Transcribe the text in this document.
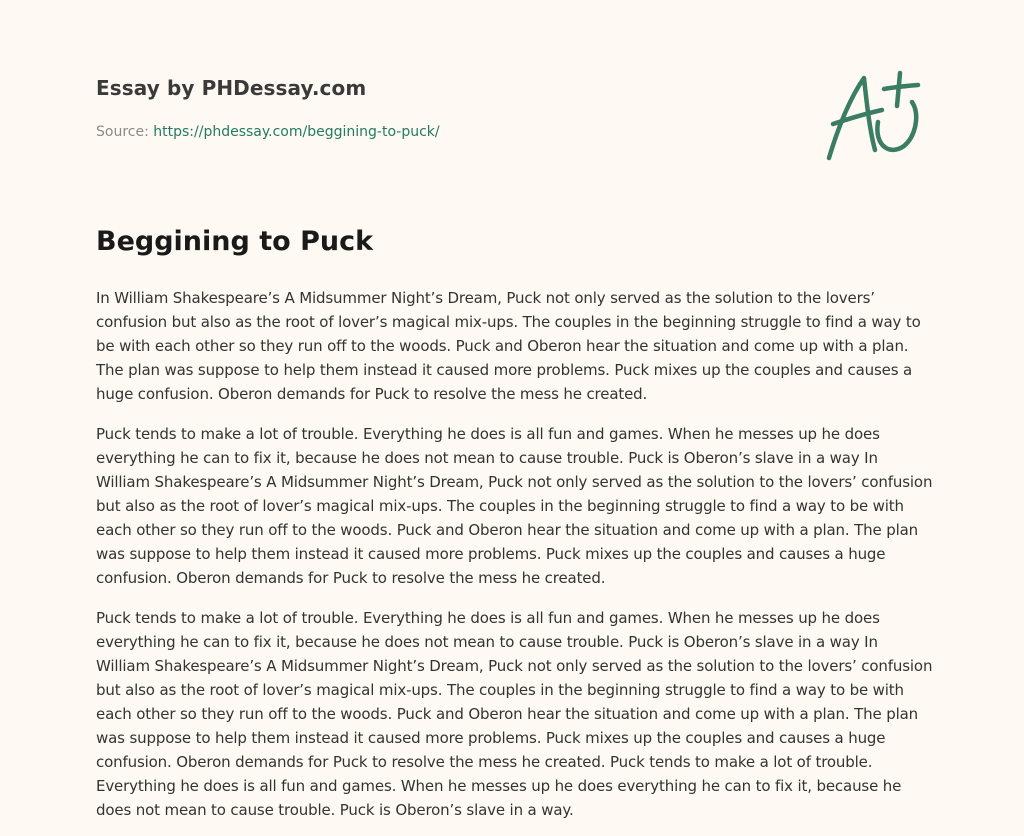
Essay by PHDessay.com
Source: https://phdessay.com/beggining-to-puck/
Beggining to Puck

In William Shakespeare’s A Midsummer Night’s Dream, Puck not only served as the solution to the lovers’ confusion but also as the root of lover’s magical mix-ups. The couples in the beginning struggle to find a way to be with each other so they run off to the woods. Puck and Oberon hear the situation and come up with a plan. The plan was suppose to help them instead it caused more problems. Puck mixes up the couples and causes a huge confusion. Oberon demands for Puck to resolve the mess he created.

Puck tends to make a lot of trouble. Everything he does is all fun and games. When he messes up he does everything he can to fix it, because he does not mean to cause trouble. Puck is Oberon’s slave in a way In William Shakespeare’s A Midsummer Night’s Dream, Puck not only served as the solution to the lovers’ confusion but also as the root of lover’s magical mix-ups. The couples in the beginning struggle to find a way to be with each other so they run off to the woods. Puck and Oberon hear the situation and come up with a plan. The plan was suppose to help them instead it caused more problems. Puck mixes up the couples and causes a huge confusion. Oberon demands for Puck to resolve the mess he created.

Puck tends to make a lot of trouble. Everything he does is all fun and games. When he messes up he does everything he can to fix it, because he does not mean to cause trouble. Puck is Oberon’s slave in a way In William Shakespeare’s A Midsummer Night’s Dream, Puck not only served as the solution to the lovers’ confusion but also as the root of lover’s magical mix-ups. The couples in the beginning struggle to find a way to be with each other so they run off to the woods. Puck and Oberon hear the situation and come up with a plan. The plan was suppose to help them instead it caused more problems. Puck mixes up the couples and causes a huge confusion. Oberon demands for Puck to resolve the mess he created. Puck tends to make a lot of trouble. Everything he does is all fun and games. When he messes up he does everything he can to fix it, because he does not mean to cause trouble. Puck is Oberon’s slave in a way.
